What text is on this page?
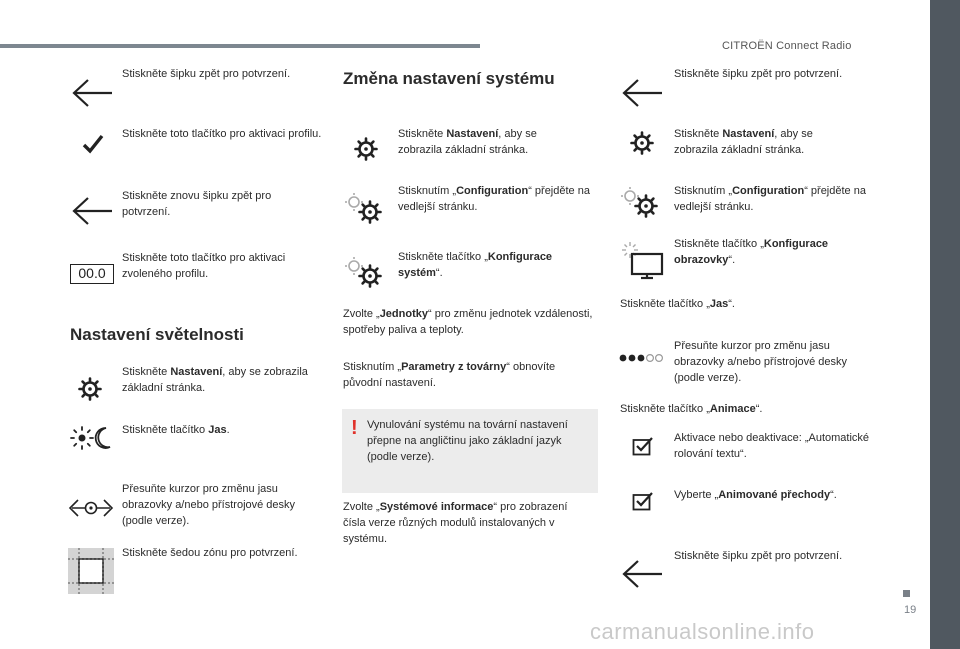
CITROËN Connect Radio
19
carmanualsonline.info
Stiskněte šipku zpět pro potvrzení.
Stiskněte toto tlačítko pro aktivaci profilu.
Stiskněte znovu šipku zpět pro potvrzení.
00.0
Stiskněte toto tlačítko pro aktivaci zvoleného profilu.
Nastavení světelnosti
Stiskněte Nastavení, aby se zobrazila základní stránka.
Stiskněte tlačítko Jas.
Přesuňte kurzor pro změnu jasu obrazovky a/nebo přístrojové desky (podle verze).
Stiskněte šedou zónu pro potvrzení.
Změna nastavení systému
Stiskněte Nastavení, aby se zobrazila základní stránka.
Stisknutím „Configuration“ přejděte na vedlejší stránku.
Stiskněte tlačítko „Konfigurace systém“.
Zvolte „Jednotky“ pro změnu jednotek vzdálenosti, spotřeby paliva a teploty.
Stisknutím „Parametry z továrny“ obnovíte původní nastavení.
! Vynulování systému na tovární nastavení přepne na angličtinu jako základní jazyk (podle verze).
Zvolte „Systémové informace“ pro zobrazení čísla verze různých modulů instalovaných v systému.
Stiskněte šipku zpět pro potvrzení.
Stiskněte Nastavení, aby se zobrazila základní stránka.
Stisknutím „Configuration“ přejděte na vedlejší stránku.
Stiskněte tlačítko „Konfigurace obrazovky“.
Stiskněte tlačítko „Jas“.
Přesuňte kurzor pro změnu jasu obrazovky a/nebo přístrojové desky (podle verze).
Stiskněte tlačítko „Animace“.
Aktivace nebo deaktivace: „Automatické rolování textu“.
Vyberte „Animované přechody“.
Stiskněte šipku zpět pro potvrzení.
